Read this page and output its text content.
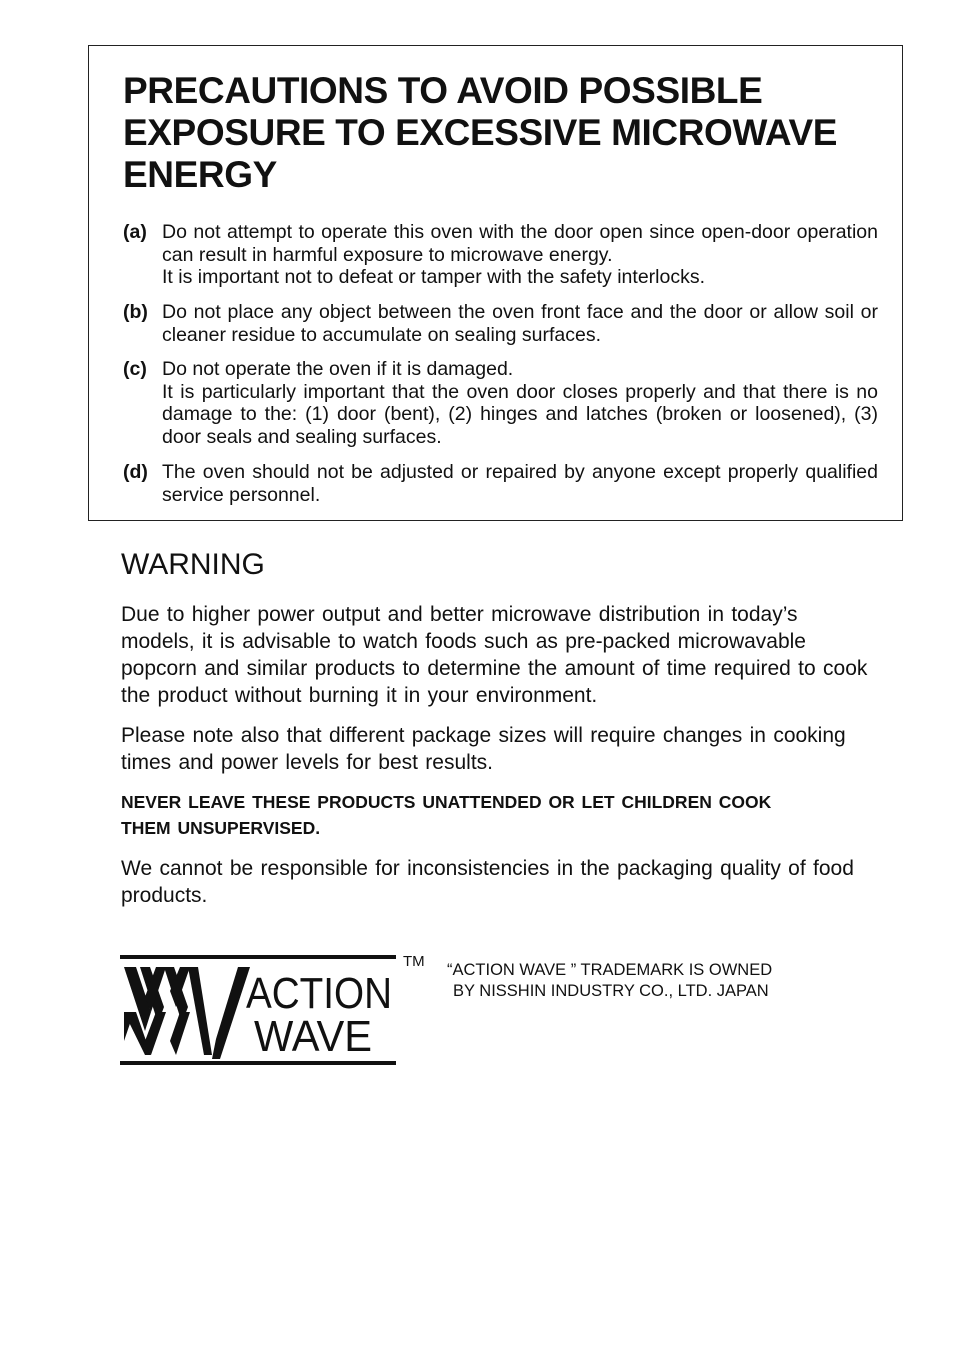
PRECAUTIONS TO AVOID POSSIBLE
EXPOSURE TO EXCESSIVE MICROWAVE
ENERGY
(a) Do not attempt to operate this oven with the door open since open-door operation can result in harmful exposure to microwave energy.
It is important not to defeat or tamper with the safety interlocks.
(b) Do not place any object between the oven front face and the door or allow soil or cleaner residue to accumulate on sealing surfaces.
(c) Do not operate the oven if it is damaged.
It is particularly important that the oven door closes properly and that there is no damage to the: (1) door (bent), (2) hinges and latches (broken or loosened), (3) door seals and sealing surfaces.
(d) The oven should not be adjusted or repaired by anyone except properly qualified service personnel.
WARNING

Due to higher power output and better microwave distribution in today’s models, it is advisable to watch foods such as pre-packed microwavable popcorn and similar products to determine the amount of time required to cook the product without burning it in your environment.

Please note also that different package sizes will require changes in cooking times and power levels for best results.

NEVER LEAVE THESE PRODUCTS UNATTENDED OR LET CHILDREN COOK THEM UNSUPERVISED.

We cannot be responsible for inconsistencies in the packaging quality of food products.

ACTION
WAVE
TM “ACTION WAVE ” TRADEMARK IS OWNED
BY NISSHIN INDUSTRY CO., LTD. JAPAN
